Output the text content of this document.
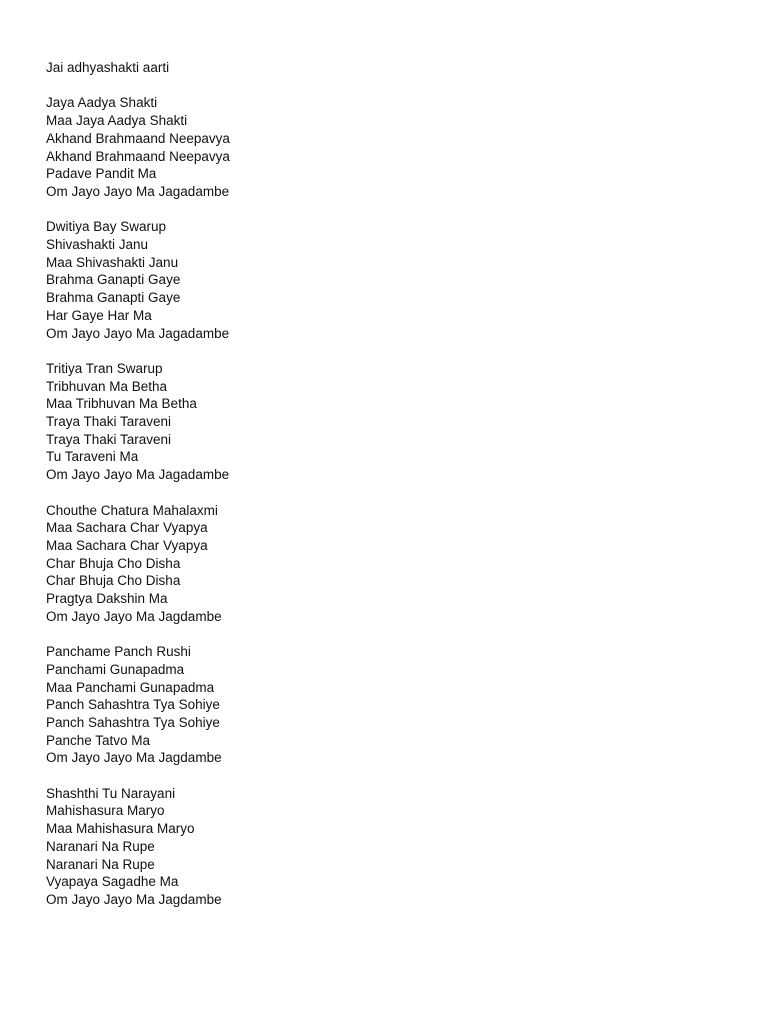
Jai adhyashakti aarti
Jaya Aadya Shakti
Maa Jaya Aadya Shakti
Akhand Brahmaand Neepavya
Akhand Brahmaand Neepavya
Padave Pandit Ma
Om Jayo Jayo Ma Jagadambe
Dwitiya Bay Swarup
Shivashakti Janu
Maa Shivashakti Janu
Brahma Ganapti Gaye
Brahma Ganapti Gaye
Har Gaye Har Ma
Om Jayo Jayo Ma Jagadambe
Tritiya Tran Swarup
Tribhuvan Ma Betha
Maa Tribhuvan Ma Betha
Traya Thaki Taraveni
Traya Thaki Taraveni
Tu Taraveni Ma
Om Jayo Jayo Ma Jagadambe
Chouthe Chatura Mahalaxmi
Maa Sachara Char Vyapya
Maa Sachara Char Vyapya
Char Bhuja Cho Disha
Char Bhuja Cho Disha
Pragtya Dakshin Ma
Om Jayo Jayo Ma Jagdambe
Panchame Panch Rushi
Panchami Gunapadma
Maa Panchami Gunapadma
Panch Sahashtra Tya Sohiye
Panch Sahashtra Tya Sohiye
Panche Tatvo Ma
Om Jayo Jayo Ma Jagdambe
Shashthi Tu Narayani
Mahishasura Maryo
Maa Mahishasura Maryo
Naranari Na Rupe
Naranari Na Rupe
Vyapaya Sagadhe Ma
Om Jayo Jayo Ma Jagdambe
